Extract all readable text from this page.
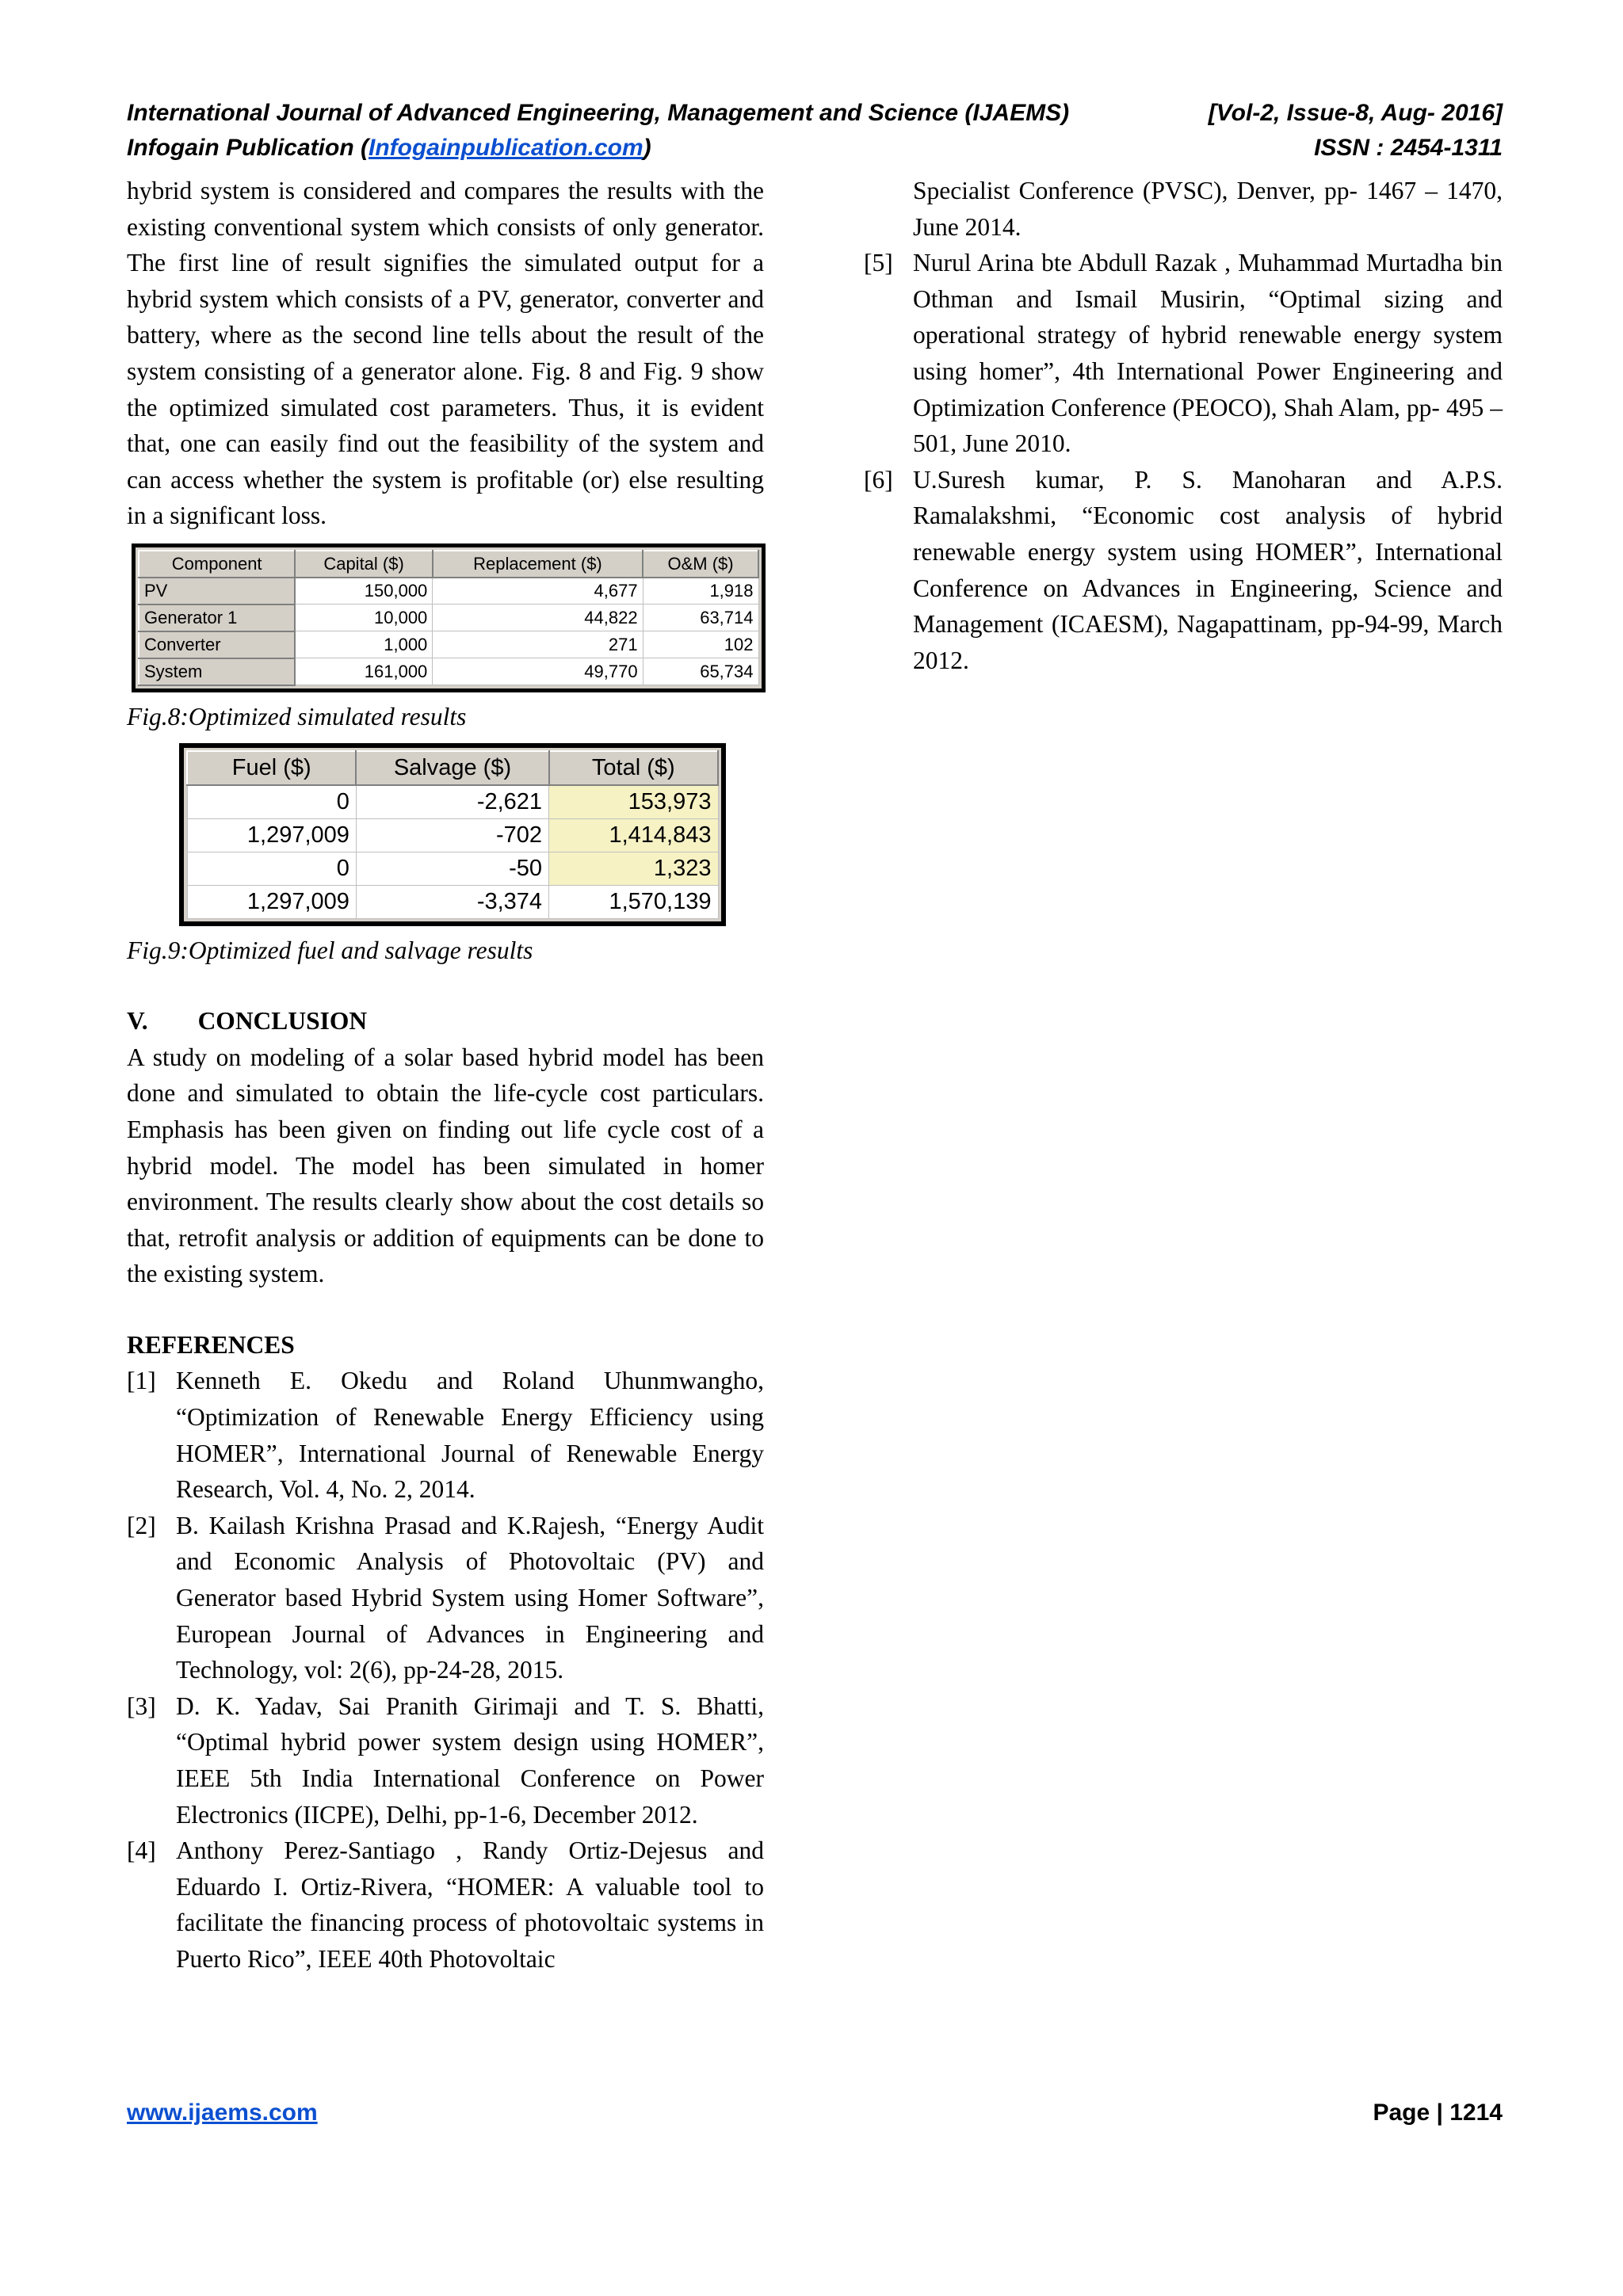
International Journal of Advanced Engineering, Management and Science (IJAEMS)	[Vol-2, Issue-8, Aug- 2016]
Infogain Publication (Infogainpublication.com)	ISSN : 2454-1311

hybrid system is considered and compares the results with the existing conventional system which consists of only generator. The first line of result signifies the simulated output for a hybrid system which consists of a PV, generator, converter and battery, where as the second line tells about the result of the system consisting of a generator alone. Fig. 8 and Fig. 9 show the optimized simulated cost parameters. Thus, it is evident that, one can easily find out the feasibility of the system and can access whether the system is profitable (or) else resulting in a significant loss.

Component	Capital ($)	Replacement ($)	O&M ($)
PV	150,000	4,677	1,918
Generator 1	10,000	44,822	63,714
Converter	1,000	271	102
System	161,000	49,770	65,734

Fig.8:Optimized simulated results

Fuel ($)	Salvage ($)	Total ($)
0	-2,621	153,973
1,297,009	-702	1,414,843
0	-50	1,323
1,297,009	-3,374	1,570,139

Fig.9:Optimized fuel and salvage results

V.  CONCLUSION

A study on modeling of a solar based hybrid model has been done and simulated to obtain the life-cycle cost particulars. Emphasis has been given on finding out life cycle cost of a hybrid model. The model has been simulated in homer environment. The results clearly show about the cost details so that, retrofit analysis or addition of equipments can be done to the existing system.

REFERENCES

[1] Kenneth E. Okedu and Roland Uhunmwangho, “Optimization of Renewable Energy Efficiency using HOMER”, International Journal of Renewable Energy Research, Vol. 4, No. 2, 2014.
[2] B. Kailash Krishna Prasad and K.Rajesh, “Energy Audit and Economic Analysis of Photovoltaic (PV) and Generator based Hybrid System using Homer Software”, European Journal of Advances in Engineering and Technology, vol: 2(6), pp-24-28, 2015.
[3] D. K. Yadav, Sai Pranith Girimaji and T. S. Bhatti, “Optimal hybrid power system design using HOMER”, IEEE 5th India International Conference on Power Electronics (IICPE), Delhi, pp-1-6, December 2012.
[4] Anthony Perez-Santiago , Randy Ortiz-Dejesus and Eduardo I. Ortiz-Rivera, “HOMER: A valuable tool to facilitate the financing process of photovoltaic systems in Puerto Rico”, IEEE 40th Photovoltaic
Specialist Conference (PVSC), Denver, pp- 1467 – 1470, June 2014.
[5] Nurul Arina bte Abdull Razak , Muhammad Murtadha bin Othman and Ismail Musirin, “Optimal sizing and operational strategy of hybrid renewable energy system using homer”, 4th International Power Engineering and Optimization Conference (PEOCO), Shah Alam, pp- 495 – 501, June 2010.
[6] U.Suresh kumar, P. S. Manoharan and A.P.S. Ramalakshmi, “Economic cost analysis of hybrid renewable energy system using HOMER”, International Conference on Advances in Engineering, Science and Management (ICAESM), Nagapattinam, pp-94-99, March 2012.
www.ijaems.com	Page | 1214
